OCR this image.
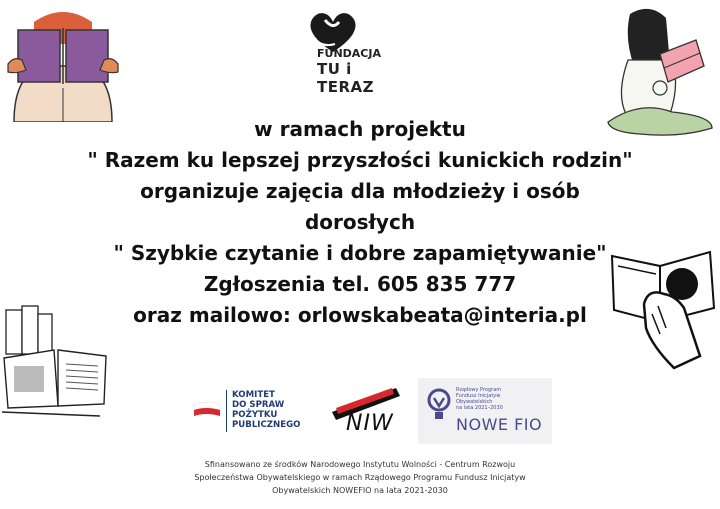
FUNDACJA
TU i TERAZ
w ramach projektu
" Razem ku lepszej przyszłości kunickich rodzin"
organizuje zajęcia dla młodzieży i osób
dorosłych
" Szybkie czytanie i dobre zapamiętywanie"
Zgłoszenia tel. 605 835 777
oraz mailowo: orlowskabeata@interia.pl
KOMITET
DO SPRAW
POŻYTKU
PUBLICZNEGO NIW
Rządowy Program
Fundusz Inicjatyw
Obywatelskich
na lata 2021–2030
NOWE FIO
Sfinansowano ze środków Narodowego Instytutu Wolności - Centrum Rozwoju
Społeczeństwa Obywatelskiego w ramach Rządowego Programu Fundusz Inicjatyw
Obywatelskich NOWEFIO na lata 2021-2030
